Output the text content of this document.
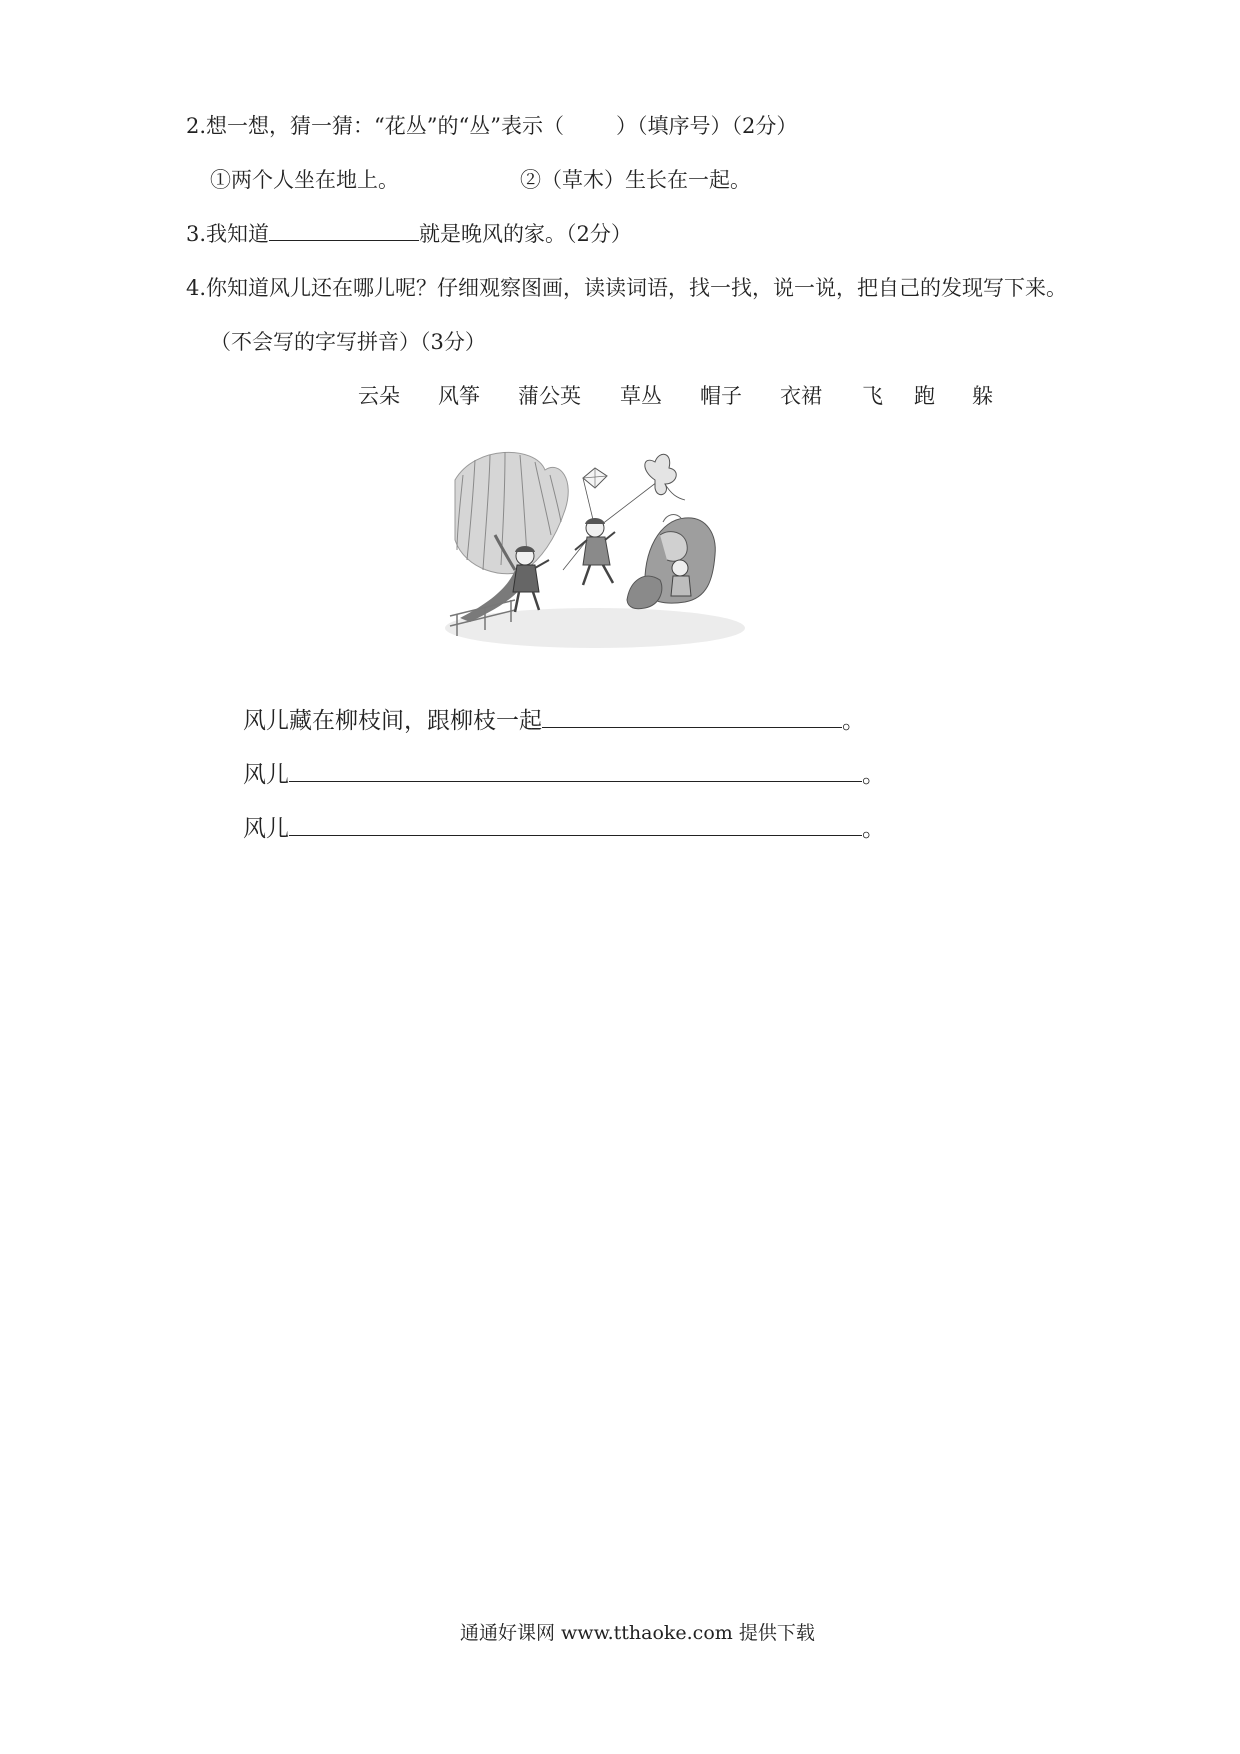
2.想一想，猜一猜：“花丛”的“丛”表示（ ）（填序号）（2分）
①两个人坐在地上。	②（草木）生长在一起。
3.我知道	就是晚风的家。（2分）
4.你知道风儿还在哪儿呢？仔细观察图画，读读词语，找一找，说一说，把自己的发现写下来。
（不会写的字写拼音）（3分）
云朵 风筝 蒲公英 草丛 帽子 衣裙 飞 跑 躲
风儿藏在柳枝间，跟柳枝一起	。
风儿	。
风儿	。
通通好课网 www.tthaoke.com 提供下载
